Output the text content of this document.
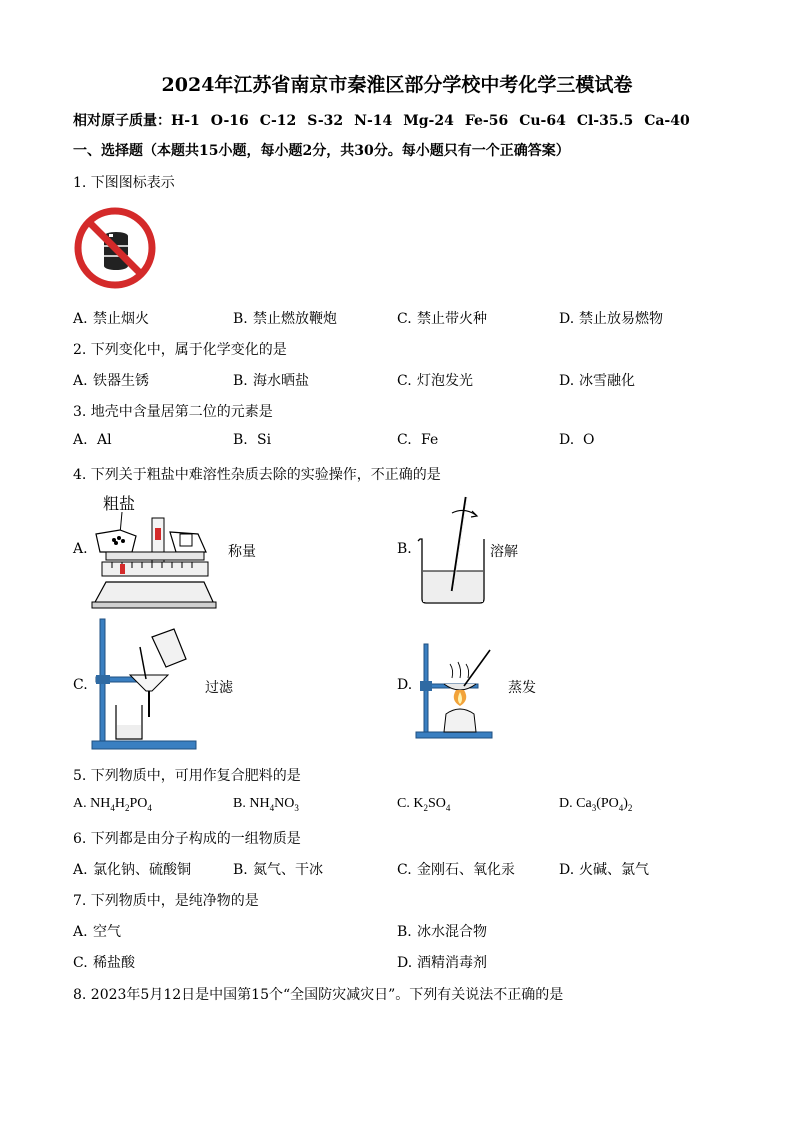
2024年江苏省南京市秦淮区部分学校中考化学三模试卷
相对原子质量：H-1 O-16 C-12 S-32 N-14 Mg-24 Fe-56 Cu-64 Cl-35.5 Ca-40
一、选择题（本题共15小题，每小题2分，共30分。每小题只有一个正确答案）
1. 下图图标表示
A. 禁止烟火	B. 禁止燃放鞭炮	C. 禁止带火种	D. 禁止放易燃物
2. 下列变化中，属于化学变化的是
A. 铁器生锈	B. 海水晒盐	C. 灯泡发光	D. 冰雪融化
3. 地壳中含量居第二位的元素是
A. Al	B. Si	C. Fe	D. O
4. 下列关于粗盐中难溶性杂质去除的实验操作，不正确的是
粗盐
A.	称量	B.	溶解
C.	过滤	D.	蒸发
5. 下列物质中，可用作复合肥料的是
A. $NH_4H_2PO_4$	B. $NH_4NO_3$	C. $K_2SO_4$	D. $Ca_3(PO_4)_2$
6. 下列都是由分子构成的一组物质是
A. 氯化钠、硫酸铜	B. 氮气、干冰	C. 金刚石、氧化汞	D. 火碱、氯气
7. 下列物质中，是纯净物的是
A. 空气	B. 冰水混合物
C. 稀盐酸	D. 酒精消毒剂
8. 2023年5月12日是中国第15个“全国防灾减灾日”。下列有关说法不正确的是
